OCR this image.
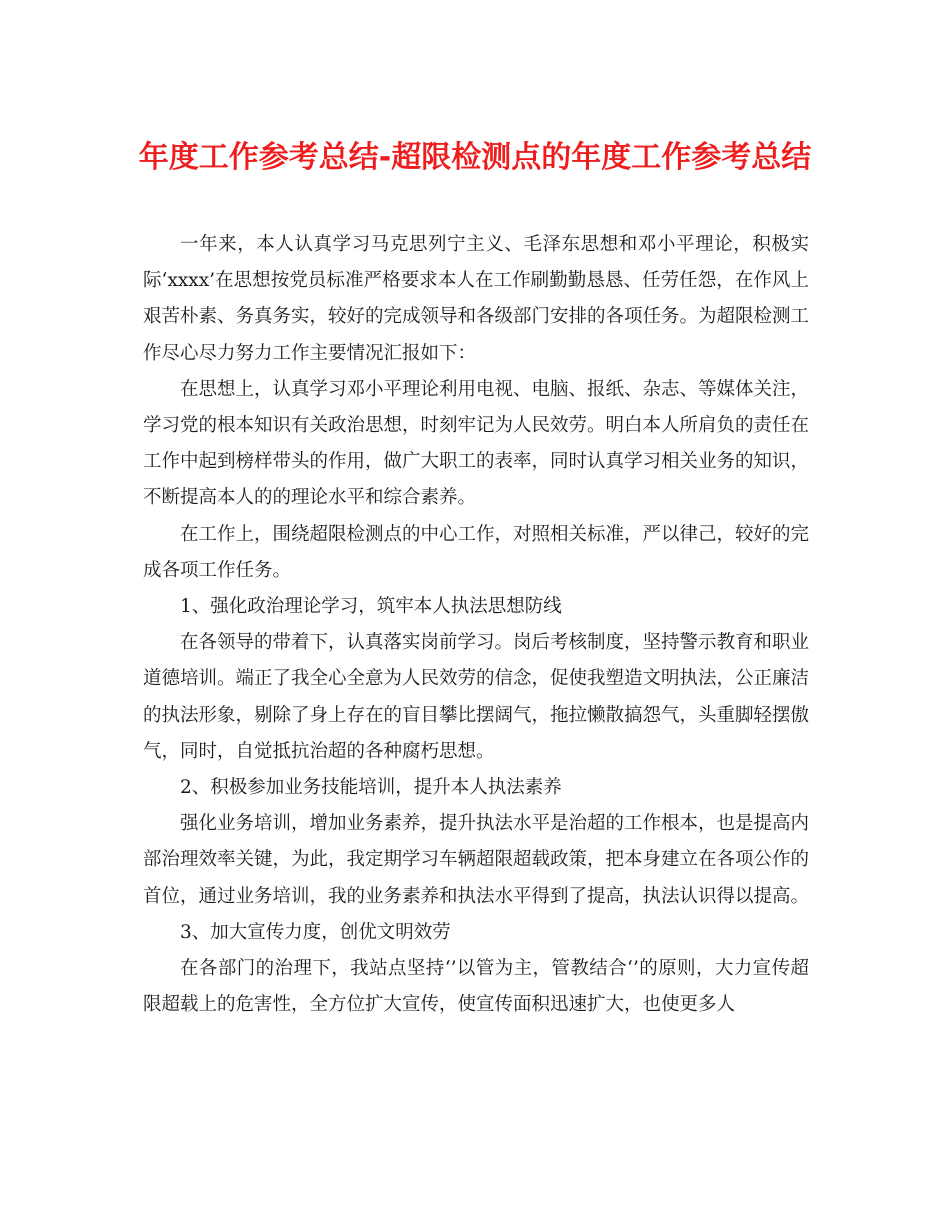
年度工作参考总结-超限检测点的年度工作参考总结

一年来，本人认真学习马克思列宁主义、毛泽东思想和邓小平理论，积极实际‘xxxx’在思想按党员标准严格要求本人在工作刷勤勤恳恳、任劳任怨，在作风上艰苦朴素、务真务实，较好的完成领导和各级部门安排的各项任务。为超限检测工作尽心尽力努力工作主要情况汇报如下：

在思想上，认真学习邓小平理论利用电视、电脑、报纸、杂志、等媒体关注，学习党的根本知识有关政治思想，时刻牢记为人民效劳。明白本人所肩负的责任在工作中起到榜样带头的作用，做广大职工的表率，同时认真学习相关业务的知识，不断提高本人的的理论水平和综合素养。

在工作上，围绕超限检测点的中心工作，对照相关标准，严以律己，较好的完成各项工作任务。

1、强化政治理论学习，筑牢本人执法思想防线

在各领导的带着下，认真落实岗前学习。岗后考核制度，坚持警示教育和职业道德培训。端正了我全心全意为人民效劳的信念，促使我塑造文明执法，公正廉洁的执法形象，剔除了身上存在的盲目攀比摆阔气，拖拉懒散搞怨气，头重脚轻摆傲气，同时，自觉抵抗治超的各种腐朽思想。

2、积极参加业务技能培训，提升本人执法素养

强化业务培训，增加业务素养，提升执法水平是治超的工作根本，也是提高内部治理效率关键，为此，我定期学习车辆超限超载政策，把本身建立在各项公作的首位，通过业务培训，我的业务素养和执法水平得到了提高，执法认识得以提高。

3、加大宣传力度，创优文明效劳

在各部门的治理下，我站点坚持‘’以管为主，管教结合‘’的原则，大力宣传超限超载上的危害性，全方位扩大宣传，使宣传面积迅速扩大，也使更多人
